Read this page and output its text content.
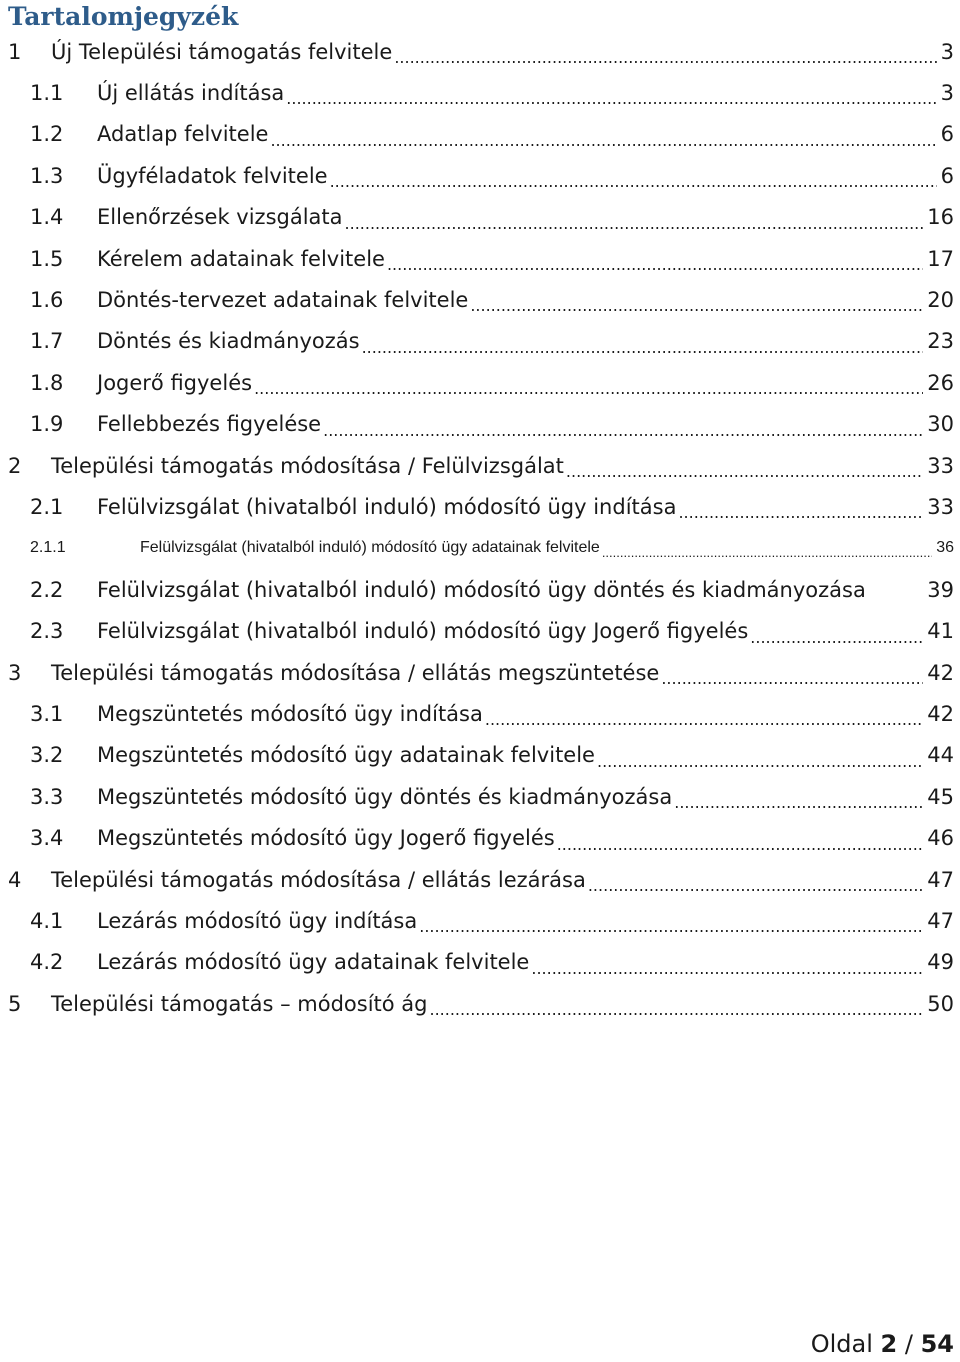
Tartalomjegyzék
1 Új Települési támogatás felvitele .....	3
1.1 Új ellátás indítása .....	3
1.2 Adatlap felvitele .....	6
1.3 Ügyféladatok felvitele .....	6
1.4 Ellenőrzések vizsgálata .....	16
1.5 Kérelem adatainak felvitele .....	17
1.6 Döntés-tervezet adatainak felvitele .....	20
1.7 Döntés és kiadmányozás .....	23
1.8 Jogerő figyelés .....	26
1.9 Fellebbezés figyelése .....	30
2 Települési támogatás módosítása / Felülvizsgálat .....	33
2.1 Felülvizsgálat (hivatalból induló) módosító ügy indítása .....	33
2.1.1	Felülvizsgálat (hivatalból induló) módosító ügy adatainak felvitele .....	36
2.2 Felülvizsgálat (hivatalból induló) módosító ügy döntés és kiadmányozása	39
2.3 Felülvizsgálat (hivatalból induló) módosító ügy Jogerő figyelés .....	41
3 Települési támogatás módosítása / ellátás megszüntetése .....	42
3.1 Megszüntetés módosító ügy indítása .....	42
3.2 Megszüntetés módosító ügy adatainak felvitele .....	44
3.3 Megszüntetés módosító ügy döntés és kiadmányozása .....	45
3.4 Megszüntetés módosító ügy Jogerő figyelés .....	46
4 Települési támogatás módosítása / ellátás lezárása .....	47
4.1 Lezárás módosító ügy indítása .....	47
4.2 Lezárás módosító ügy adatainak felvitele .....	49
5 Települési támogatás – módosító ág .....	50
Oldal 2 / 54
